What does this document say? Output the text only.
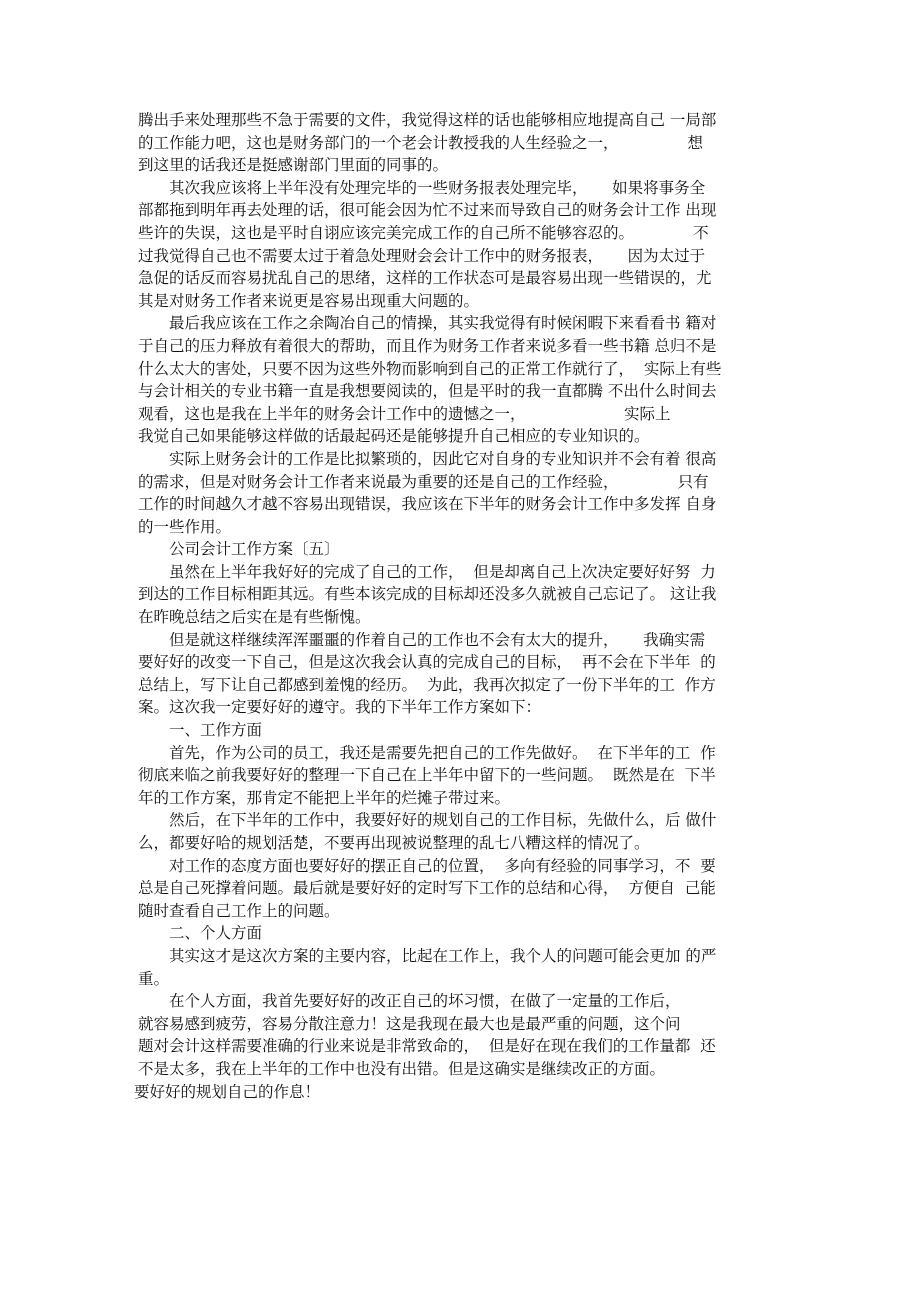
腾出手来处理那些不急于需要的文件，我觉得这样的话也能够相应地提高自己 一局部
的工作能力吧，这也是财务部门的一个老会计教授我的人生经验之一，              想
到这里的话我还是挺感谢部门里面的同事的。
其次我应该将上半年没有处理完毕的一些财务报表处理完毕，     如果将事务全
部都拖到明年再去处理的话，很可能会因为忙不过来而导致自己的财务会计工作 出现
些许的失误，这也是平时自诩应该完美完成工作的自己所不能够容忍的。            不
过我觉得自己也不需要太过于着急处理财会会计工作中的财务报表，     因为太过于
急促的话反而容易扰乱自己的思绪，这样的工作状态可是最容易出现一些错误的，尤
其是对财务工作者来说更是容易出现重大问题的。
最后我应该在工作之余陶冶自己的情操，其实我觉得有时候闲暇下来看看书 籍对
于自己的压力释放有着很大的帮助，而且作为财务工作者来说多看一些书籍 总归不是
什么太大的害处，只要不因为这些外物而影响到自己的正常工作就行了，  实际上有些
与会计相关的专业书籍一直是我想要阅读的，但是平时的我一直都腾 不出什么时间去
观看，这也是我在上半年的财务会计工作中的遗憾之一，                    实际上
我觉自己如果能够这样做的话最起码还是能够提升自己相应的专业知识的。
实际上财务会计的工作是比拟繁琐的，因此它对自身的专业知识并不会有着 很高
的需求，但是对财务会计工作者来说最为重要的还是自己的工作经验，            只有
工作的时间越久才越不容易出现错误，我应该在下半年的财务会计工作中多发挥 自身
的一些作用。
公司会计工作方案〔五〕
虽然在上半年我好好的完成了自己的工作，  但是却离自己上次决定要好好努  力
到达的工作目标相距其远。有些本该完成的目标却还没多久就被自己忘记了。 这让我
在昨晚总结之后实在是有些惭愧。
但是就这样继续浑浑噩噩的作着自己的工作也不会有太大的提升，     我确实需
要好好的改变一下自己，但是这次我会认真的完成自己的目标，  再不会在下半年  的
总结上，写下让自己都感到羞愧的经历。  为此，我再次拟定了一份下半年的工  作方
案。这次我一定要好好的遵守。我的下半年工作方案如下：
一、工作方面
首先，作为公司的员工，我还是需要先把自己的工作先做好。  在下半年的工  作
彻底来临之前我要好好的整理一下自己在上半年中留下的一些问题。  既然是在  下半
年的工作方案，那肯定不能把上半年的烂摊子带过来。
然后，在下半年的工作中，我要好好的规划自己的工作目标，先做什么，后 做什
么，都要好哈的规划活楚，不要再出现被说整理的乱七八糟这样的情况了。
对工作的态度方面也要好好的摆正自己的位置，  多向有经验的同事学习，不  要
总是自己死撑着问题。最后就是要好好的定时写下工作的总结和心得，  方便自  己能
随时查看自己工作上的问题。
二、个人方面
其实这才是这次方案的主要内容，比起在工作上，我个人的问题可能会更加 的严
重。
在个人方面，我首先要好好的改正自己的坏习惯，在做了一定量的工作后，
就容易感到疲劳，容易分散注意力！这是我现在最大也是最严重的问题，这个问
题对会计这样需要准确的行业来说是非常致命的，  但是好在现在我们的工作量都  还
不是太多，我在上半年的工作中也没有出错。但是这确实是继续改正的方面。
要好好的规划自己的作息！
